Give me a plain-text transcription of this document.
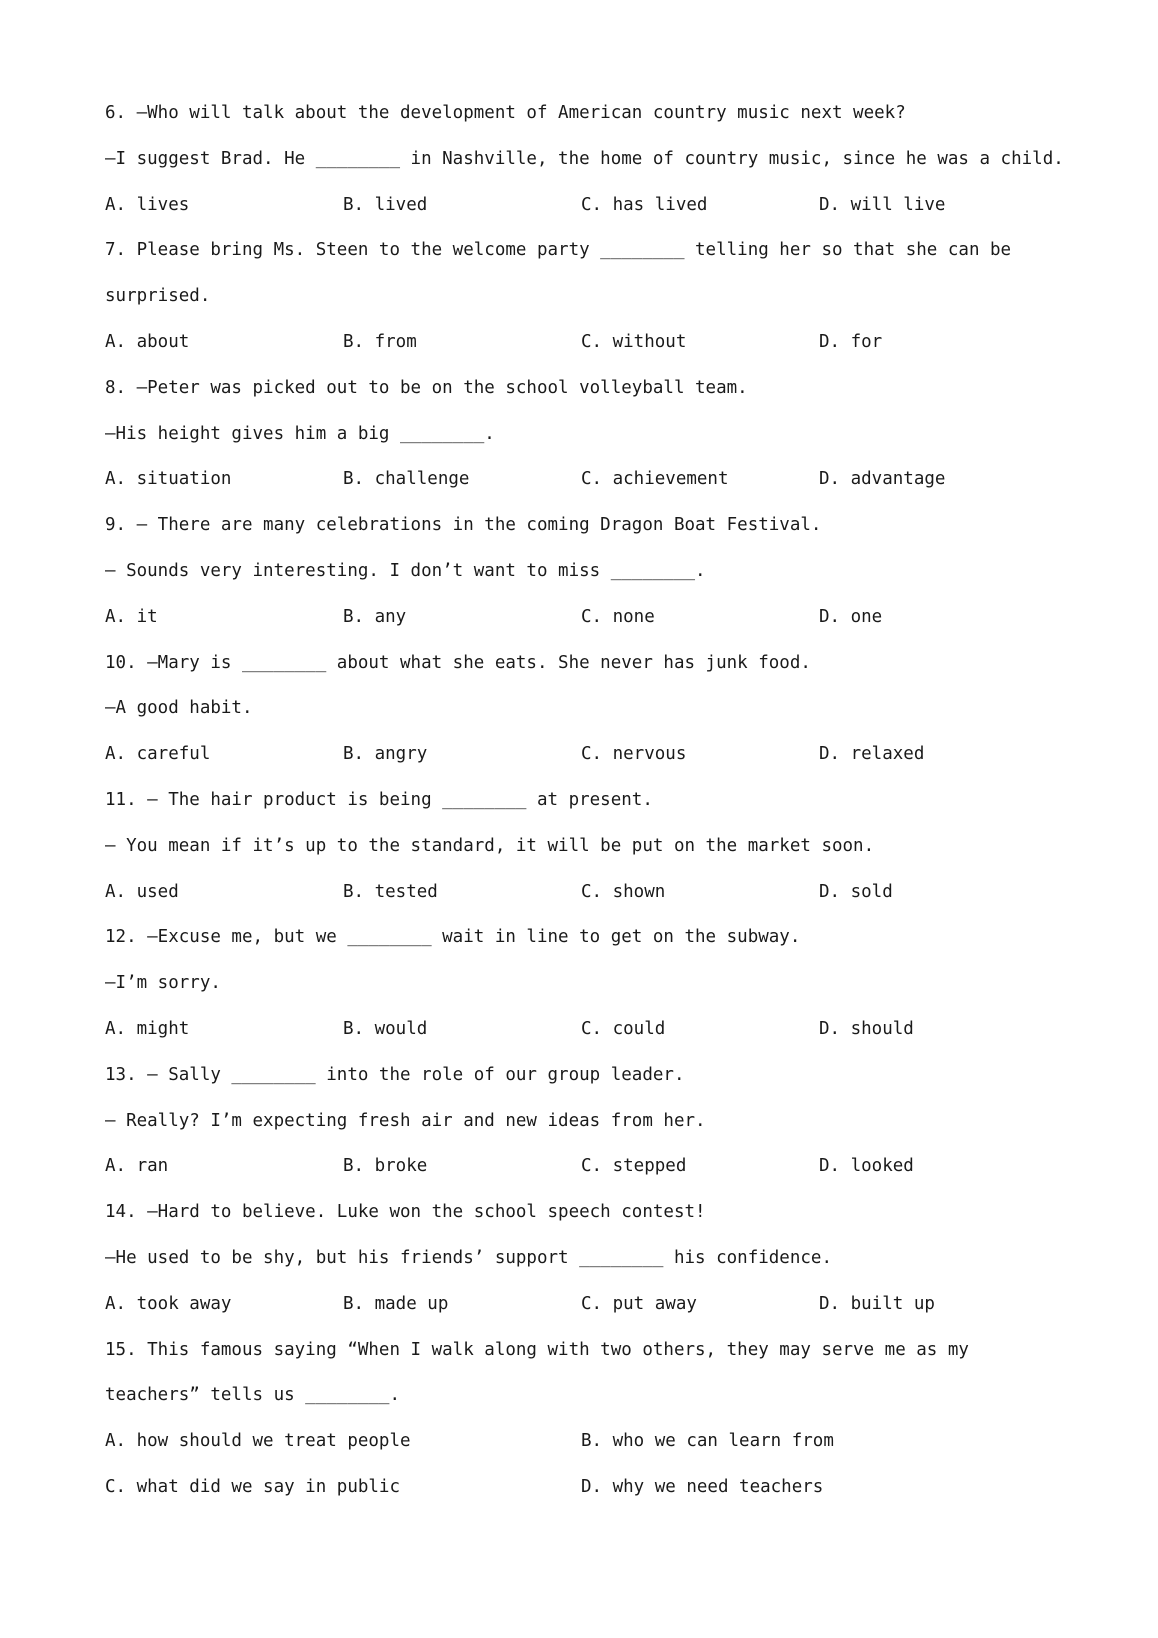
6. —Who will talk about the development of American country music next week?
—I suggest Brad. He ________ in Nashville, the home of country music, since he was a child.

A. lives

	B. lived

	C. has lived

	D. will live

7. Please bring Ms. Steen to the welcome party ________ telling her so that she can be
surprised.

A. about

	B. from

	C. without

	D. for

8. —Peter was picked out to be on the school volleyball team.
—His height gives him a big ________.

A. situation

	B. challenge

	C. achievement

	D. advantage

9. — There are many celebrations in the coming Dragon Boat Festival.
— Sounds very interesting. I don’t want to miss ________.

A. it

	B. any

	C. none

	D. one

10. —Mary is ________ about what she eats. She never has junk food.
—A good habit.

A. careful

	B. angry

	C. nervous

	D. relaxed

11. — The hair product is being ________ at present.
— You mean if it’s up to the standard, it will be put on the market soon.

A. used

	B. tested

	C. shown

	D. sold

12. —Excuse me, but we ________ wait in line to get on the subway.
—I’m sorry.

A. might

	B. would

	C. could

	D. should

13. — Sally ________ into the role of our group leader.
— Really? I’m expecting fresh air and new ideas from her.

A. ran

	B. broke

	C. stepped

	D. looked

14. —Hard to believe. Luke won the school speech contest!
—He used to be shy, but his friends’ support ________ his confidence.

A. took away

	B. made up

	C. put away

	D. built up

15. This famous saying “When I walk along with two others, they may serve me as my
teachers” tells us ________.

A. how should we treat people

	B. who we can learn from

C. what did we say in public

	D. why we need teachers
